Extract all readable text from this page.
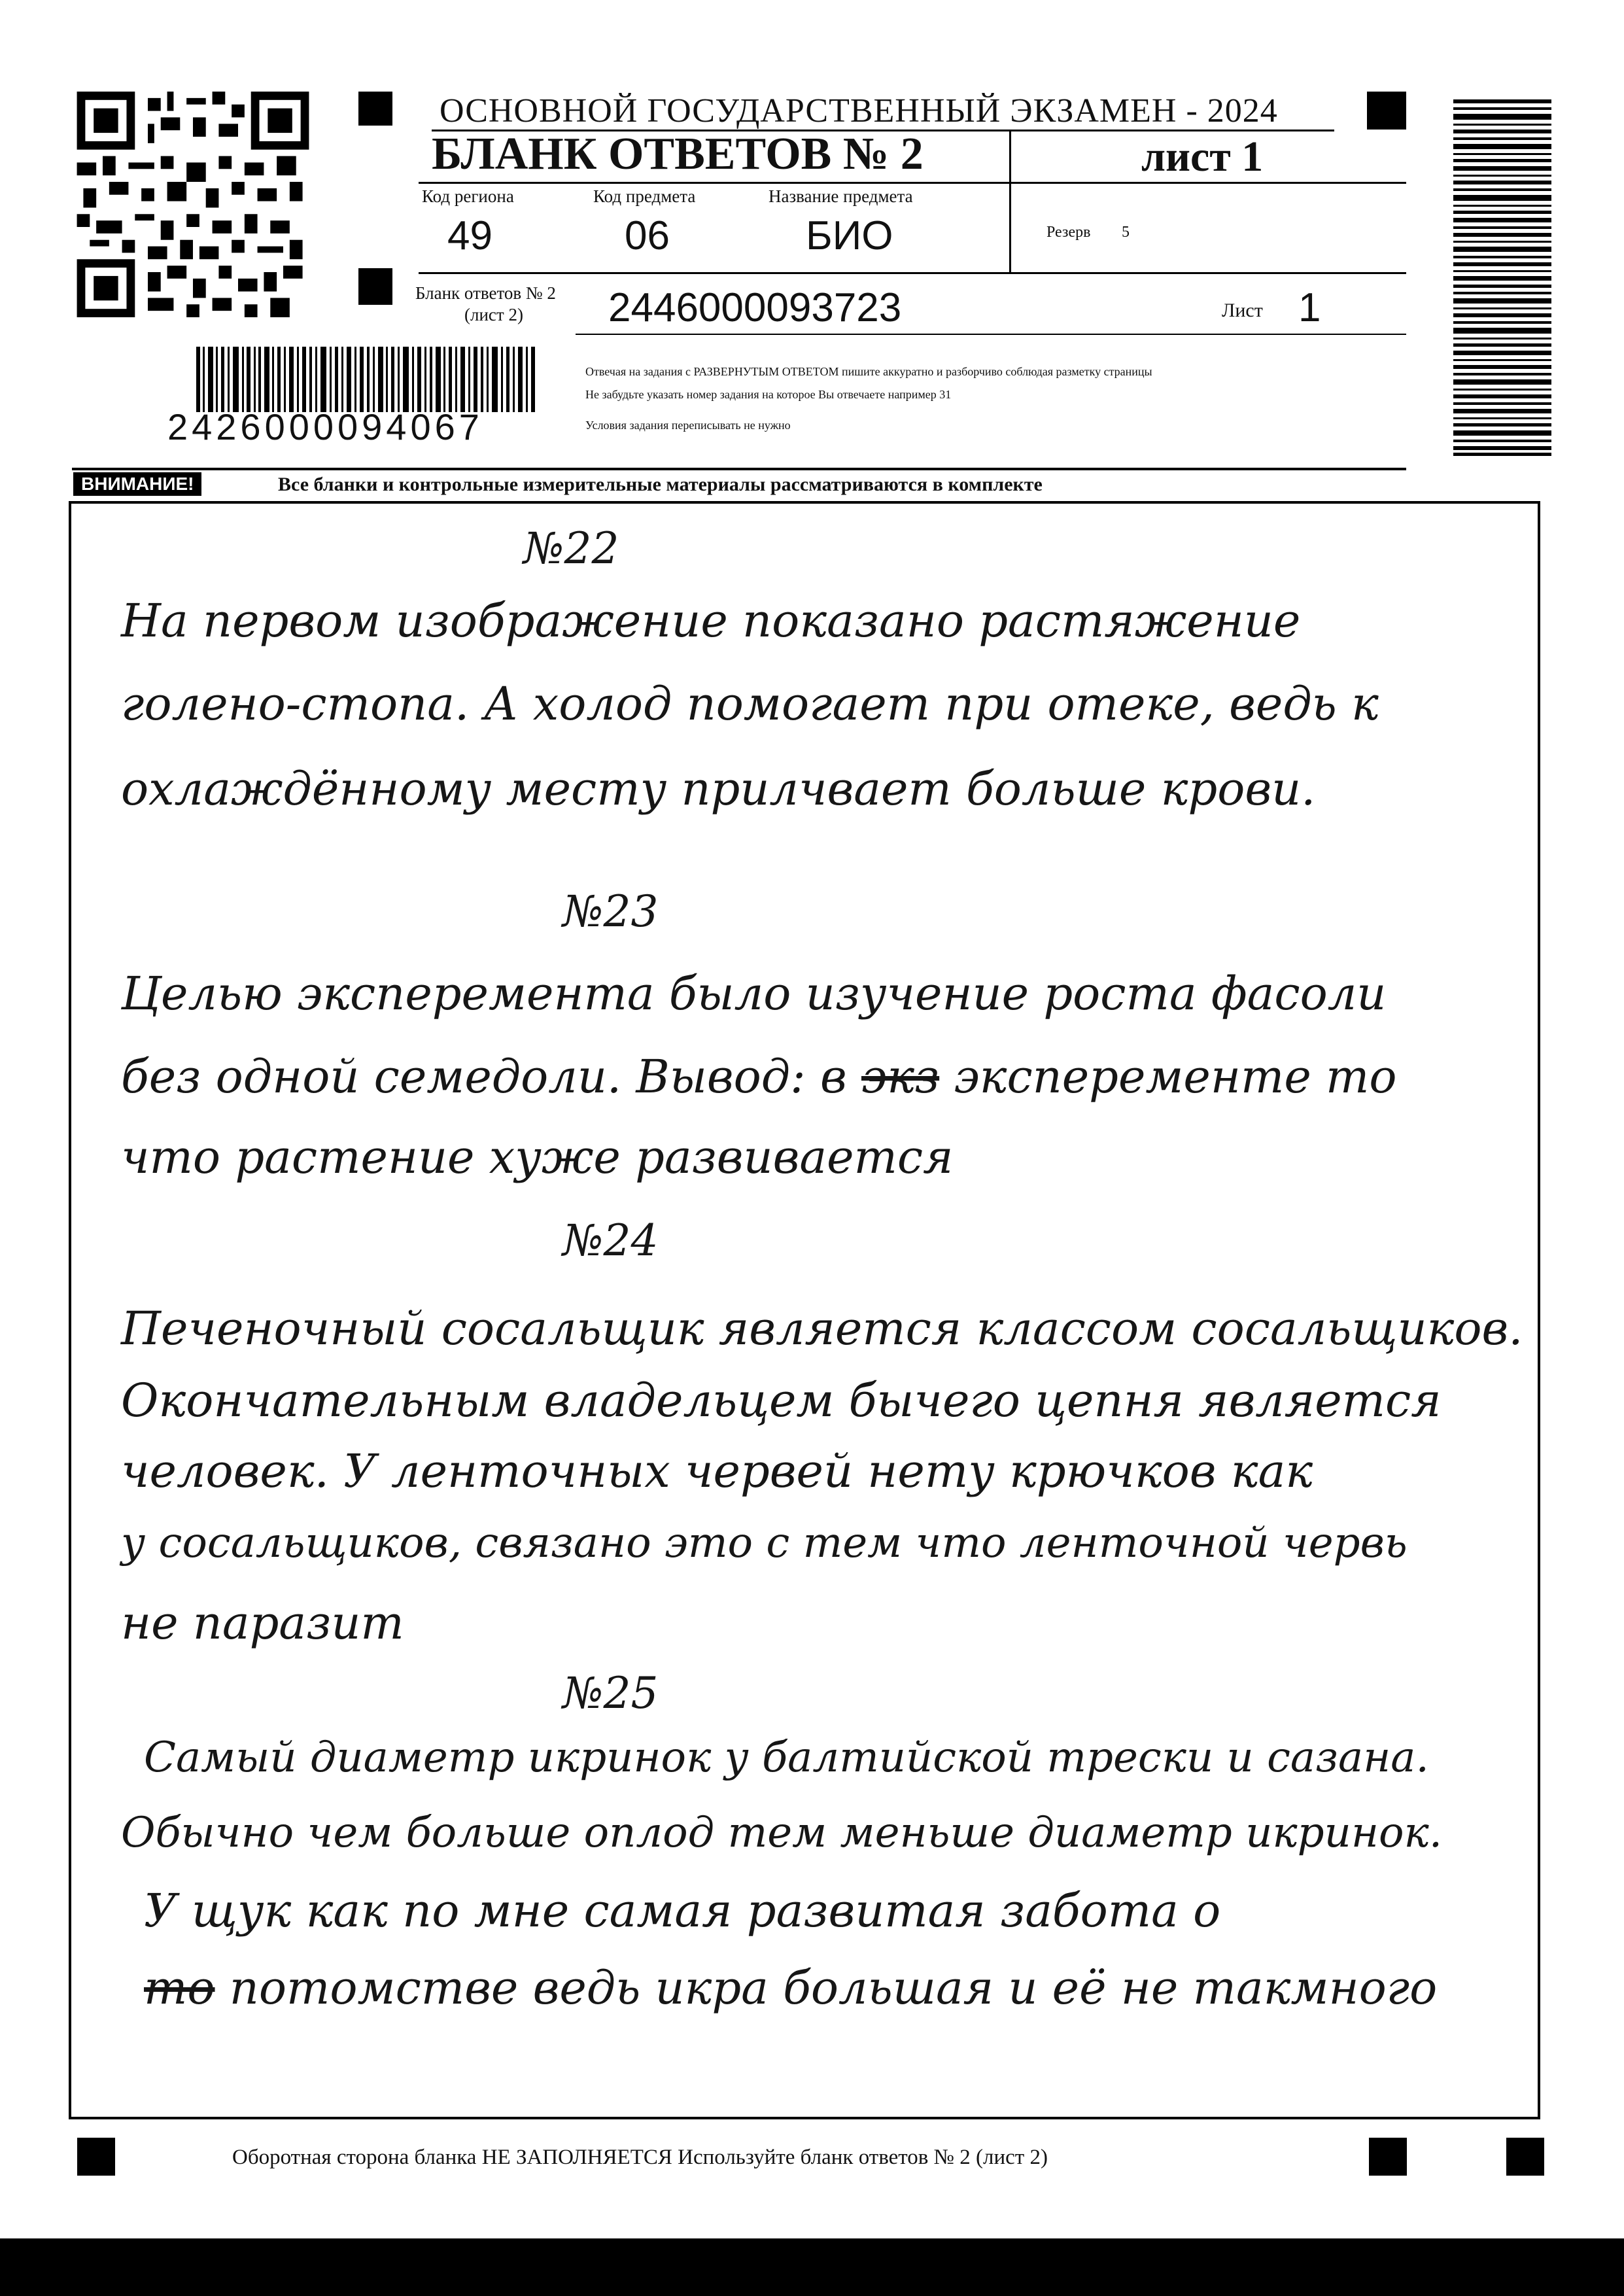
ОСНОВНОЙ ГОСУДАРСТВЕННЫЙ ЭКЗАМЕН - 2024
БЛАНК ОТВЕТОВ № 2	лист 1
Код региона
49
Код предмета
06
Название предмета
БИО	Резерв 5
Бланк ответов № 2
(лист 2) 2446000093723	Лист 1
2426000094067
Отвечая на задания с РАЗВЕРНУТЫМ ОТВЕТОМ пишите аккуратно и разборчиво соблюдая разметку страницы
Не забудьте указать номер задания на которое Вы отвечаете например 31
Условия задания переписывать не нужно
ВНИМАНИЕ!	Все бланки и контрольные измерительные материалы рассматриваются в комплекте
№22
На первом изображение показано растяжение
голено-стопа. А холод помогает при отеке, ведь к
охлаждённому месту прилчвает больше крови.
№23
Целью эксперемента было изучение роста фасоли
без одной семедоли. Вывод: в экз эксперементе то
что растение хуже развивается
№24
Печеночный сосальщик является классом сосальщиков.
Окончательным владельцем бычего цепня является
человек. У ленточных червей нету крючков как
у сосальщиков, связано это с тем что ленточной червь
не паразит
№25
Самый диаметр икринок у балтийской трески и сазана.
Обычно чем больше оплод тем меньше диаметр икринок.
У щук как по мне самая развитая забота о
то потомстве ведь икра большая и её не такмного
Оборотная сторона бланка НЕ ЗАПОЛНЯЕТСЯ Используйте бланк ответов № 2 (лист 2)
